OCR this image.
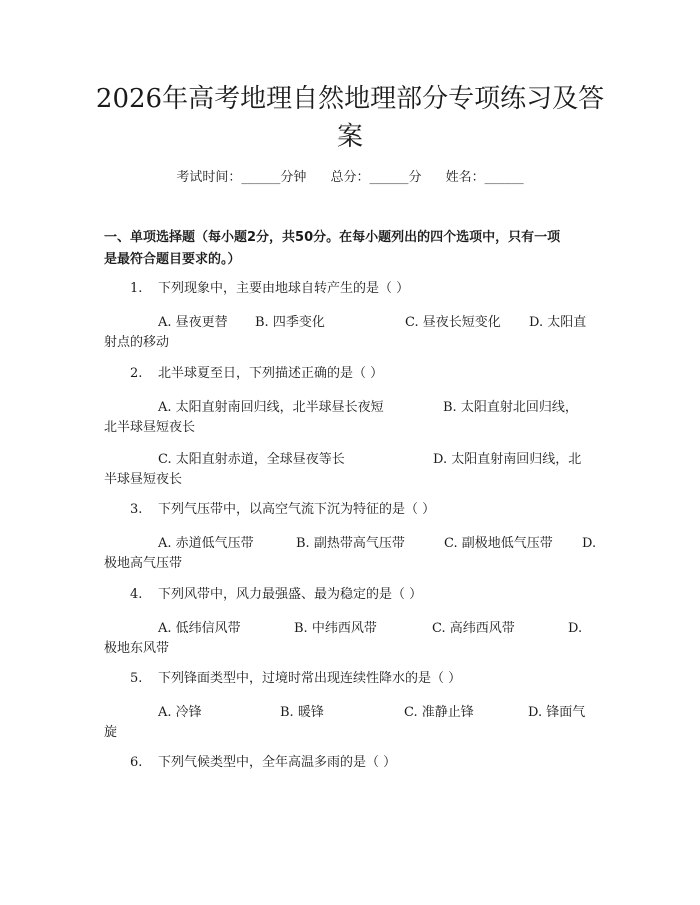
2026年高考地理自然地理部分专项练习及答
案
考试时间：______分钟 总分：______分 姓名：______
一、单项选择题（每小题2分，共50分。在每小题列出的四个选项中，只有一项
是最符合题目要求的。）
1. 下列现象中，主要由地球自转产生的是（ ）
A. 昼夜更替 B. 四季变化	C. 昼夜长短变化 D. 太阳直
射点的移动
2. 北半球夏至日，下列描述正确的是（ ）
A. 太阳直射南回归线，北半球昼长夜短	B. 太阳直射北回归线，
北半球昼短夜长
C. 太阳直射赤道，全球昼夜等长	D. 太阳直射南回归线，北
半球昼短夜长
3. 下列气压带中，以高空气流下沉为特征的是（ ）
A. 赤道低气压带	B. 副热带高气压带	C. 副极地低气压带 D.
极地高气压带
4. 下列风带中，风力最强盛、最为稳定的是（ ）
A. 低纬信风带	B. 中纬西风带	C. 高纬西风带	D.
极地东风带
5. 下列锋面类型中，过境时常出现连续性降水的是（ ）
A. 冷锋	B. 暖锋	C. 准静止锋	D. 锋面气
旋
6. 下列气候类型中，全年高温多雨的是（ ）
